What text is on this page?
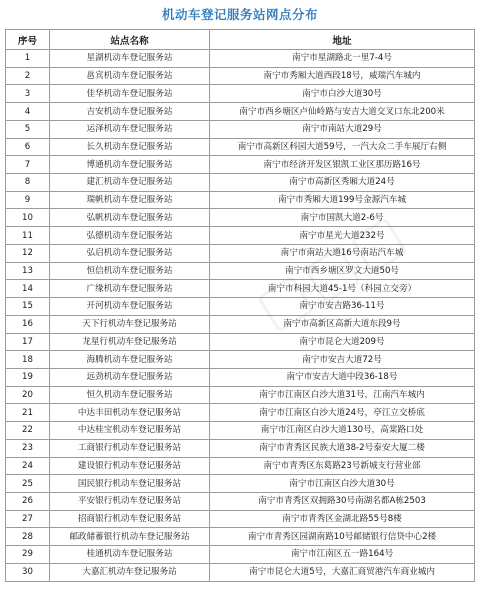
机动车登记服务站网点分布
序号	站点名称	地址
1	星湖机动车登记服务站	南宁市星湖路北一里7-4号
2	邕宾机动车登记服务站	南宁市秀厢大道西段18号，威瑞汽车城内
3	佳华机动车登记服务站	南宁市白沙大道30号
4	吉安机动车登记服务站	南宁市西乡塘区卢仙岭路与安吉大道交叉口东北200米
5	运泽机动车登记服务站	南宁市南站大道29号
6	长久机动车登记服务站	南宁市高新区科园大道59号，一汽大众二手车展厅右侧
7	博通机动车登记服务站	南宁市经济开发区银凯工业区那历路16号
8	建汇机动车登记服务站	南宁市高新区秀厢大道24号
9	瑞帆机动车登记服务站	南宁市秀厢大道199号金源汽车城
10	弘帆机动车登记服务站	南宁市国凯大道2-6号
11	弘德机动车登记服务站	南宁市星光大道232号
12	弘启机动车登记服务站	南宁市南站大道16号南站汽车城
13	恒信机动车登记服务站	南宁市西乡塘区罗文大道50号
14	广缘机动车登记服务站	南宁市科园大道45-1号（科园立交旁）
15	开河机动车登记服务站	南宁市安吉路36-11号
16	天下行机动车登记服务站	南宁市高新区高新大道东段9号
17	龙星行机动车登记服务站	南宁市昆仑大道209号
18	海腾机动车登记服务站	南宁市安吉大道72号
19	远劲机动车登记服务站	南宁市安吉大道中段36-18号
20	恒久机动车登记服务站	南宁市江南区白沙大道31号，江南汽车城内
21	中达丰田机动车登记服务站	南宁市江南区白沙大道24号，亭江立交桥底
22	中达桂宝机动车登记服务站	南宁市江南区白沙大道130号，高棠路口处
23	工商银行机动车登记服务站	南宁市青秀区民族大道38-2号泰安大厦二楼
24	建设银行机动车登记服务站	南宁市青秀区东葛路23号新城支行营业部
25	国民银行机动车登记服务站	南宁市江南区白沙大道30号
26	平安银行机动车登记服务站	南宁市青秀区双拥路30号南湖名都A栋2503
27	招商银行机动车登记服务站	南宁市青秀区金湖北路55号8楼
28	邮政储蓄银行机动车登记服务站	南宁市青秀区园湖南路10号邮储银行信贷中心2楼
29	桂通机动车登记服务站	南宁市江南区五一路164号
30	大嘉汇机动车登记服务站	南宁市昆仑大道5号，大嘉汇商贸港汽车商业城内
